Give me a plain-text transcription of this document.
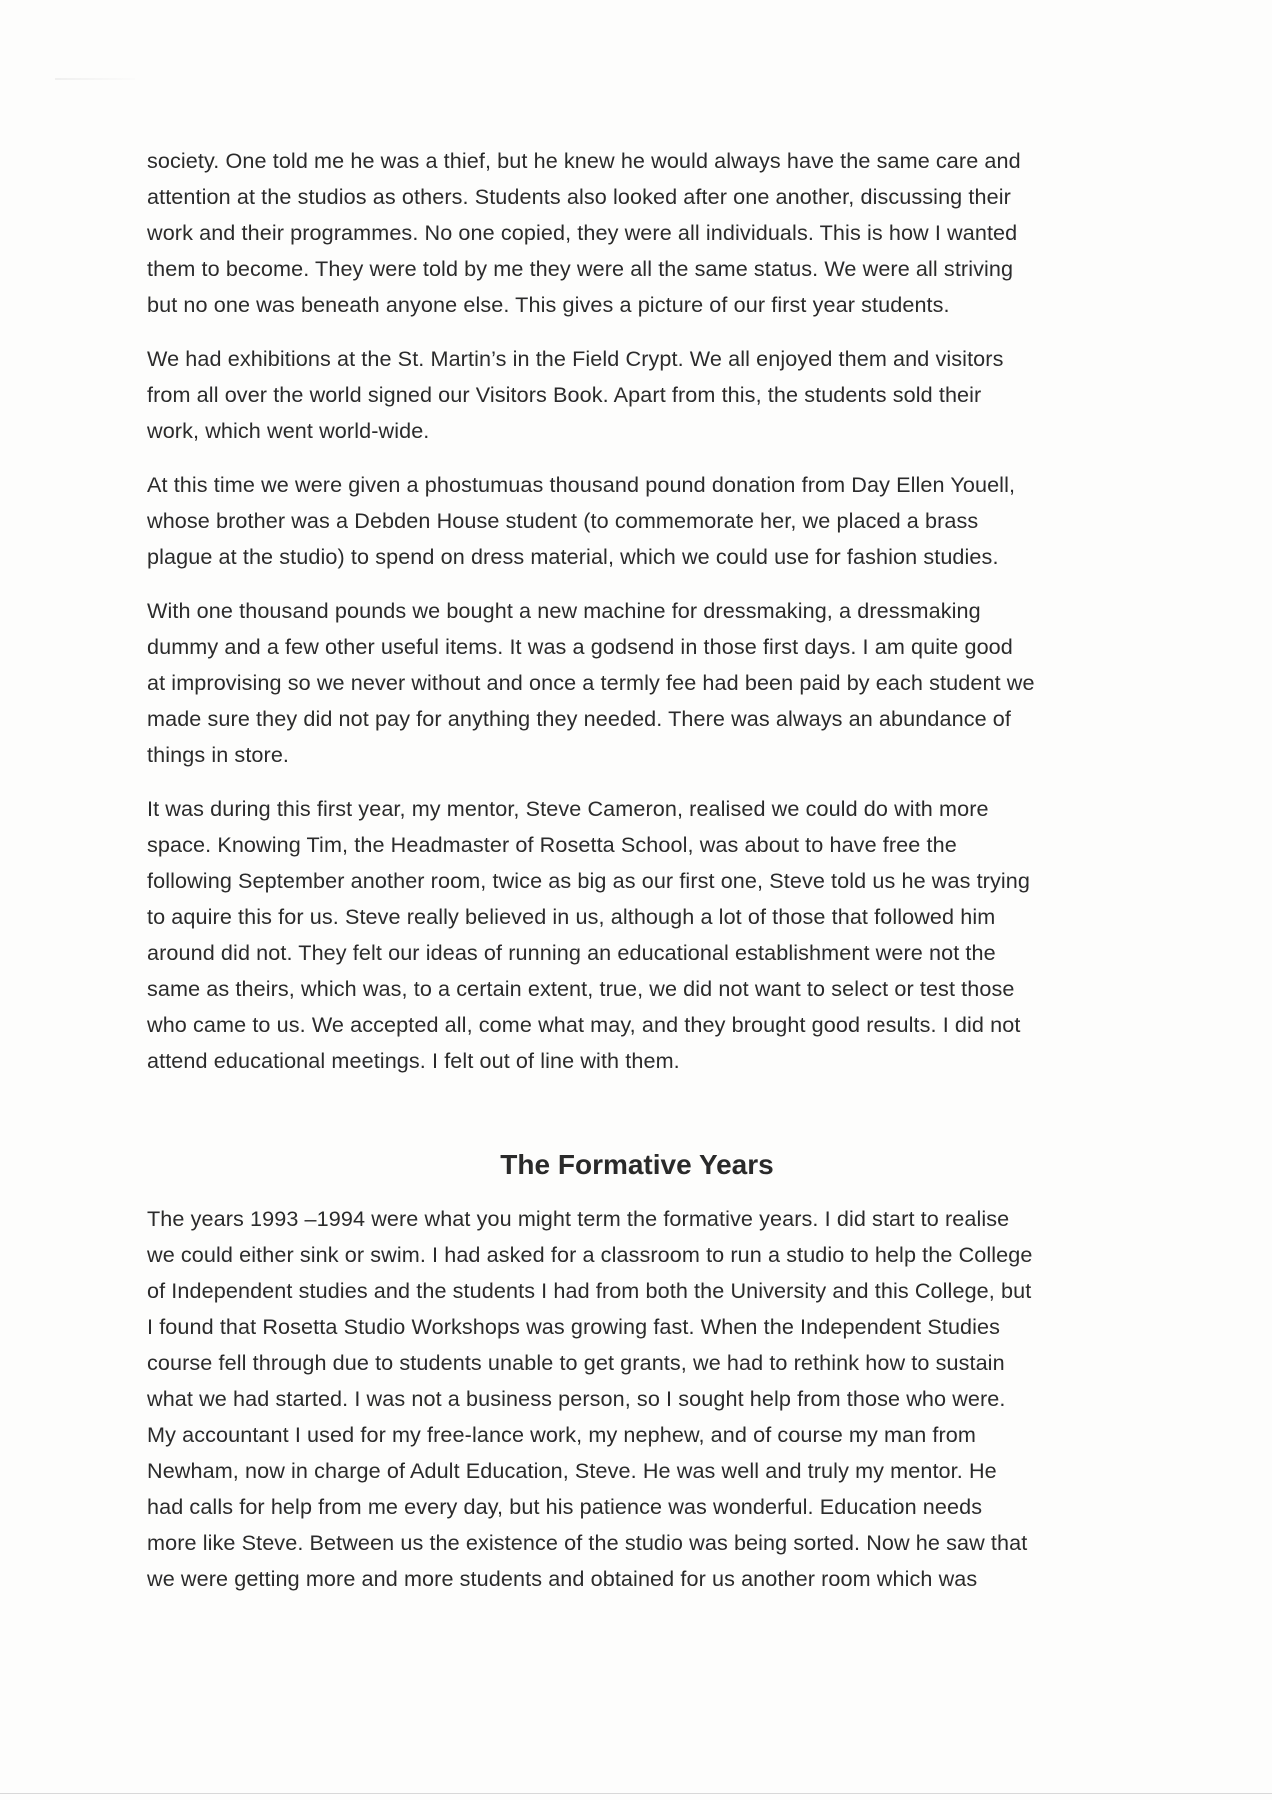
society. One told me he was a thief, but he knew he would always have the same care and
attention at the studios as others. Students also looked after one another, discussing their
work and their programmes. No one copied, they were all individuals. This is how I wanted
them to become. They were told by me they were all the same status. We were all striving
but no one was beneath anyone else. This gives a picture of our first year students.

We had exhibitions at the St. Martin’s in the Field Crypt. We all enjoyed them and visitors
from all over the world signed our Visitors Book. Apart from this, the students sold their
work, which went world-wide.

At this time we were given a phostumuas thousand pound donation from Day Ellen Youell,
whose brother was a Debden House student (to commemorate her, we placed a brass
plague at the studio) to spend on dress material, which we could use for fashion studies.

With one thousand pounds we bought a new machine for dressmaking, a dressmaking
dummy and a few other useful items. It was a godsend in those first days. I am quite good
at improvising so we never without and once a termly fee had been paid by each student we
made sure they did not pay for anything they needed. There was always an abundance of
things in store.

It was during this first year, my mentor, Steve Cameron, realised we could do with more
space. Knowing Tim, the Headmaster of Rosetta School, was about to have free the
following September another room, twice as big as our first one, Steve told us he was trying
to aquire this for us. Steve really believed in us, although a lot of those that followed him
around did not. They felt our ideas of running an educational establishment were not the
same as theirs, which was, to a certain extent, true, we did not want to select or test those
who came to us. We accepted all, come what may, and they brought good results. I did not
attend educational meetings. I felt out of line with them.

The Formative Years

The years 1993 –1994 were what you might term the formative years. I did start to realise
we could either sink or swim. I had asked for a classroom to run a studio to help the College
of Independent studies and the students I had from both the University and this College, but
I found that Rosetta Studio Workshops was growing fast. When the Independent Studies
course fell through due to students unable to get grants, we had to rethink how to sustain
what we had started. I was not a business person, so I sought help from those who were.
My accountant I used for my free-lance work, my nephew, and of course my man from
Newham, now in charge of Adult Education, Steve. He was well and truly my mentor. He
had calls for help from me every day, but his patience was wonderful. Education needs
more like Steve. Between us the existence of the studio was being sorted. Now he saw that
we were getting more and more students and obtained for us another room which was
